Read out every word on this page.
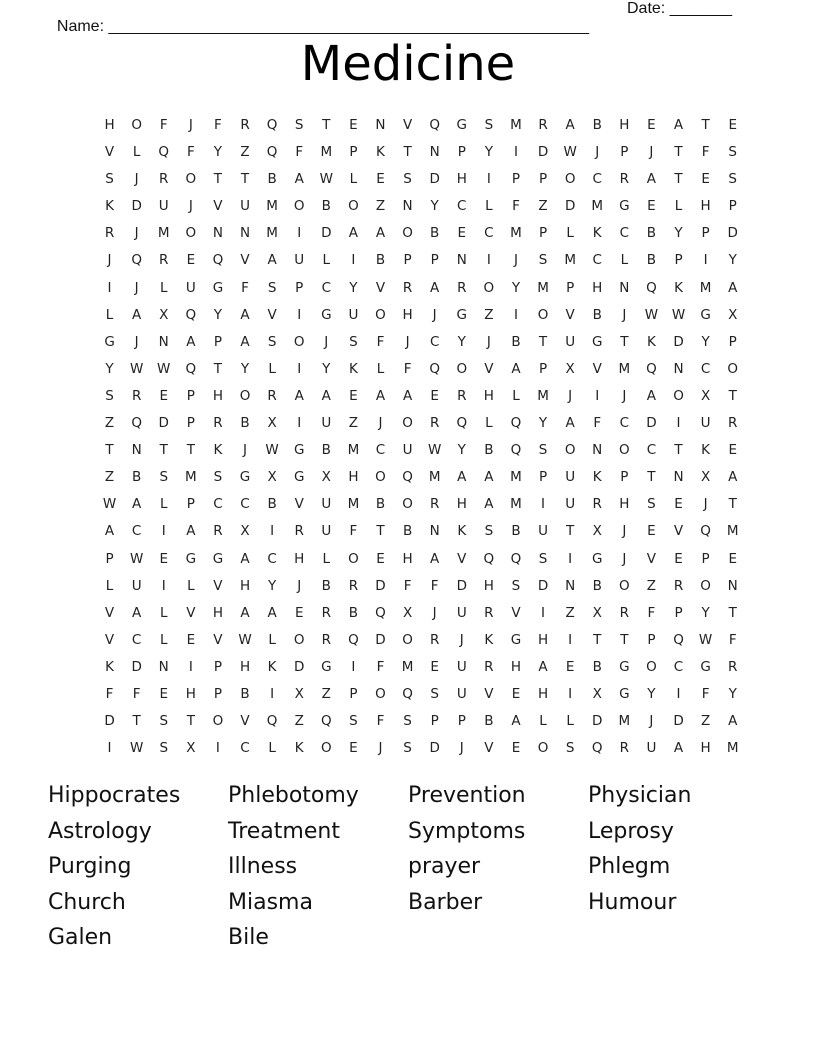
Name: ______________________________________________________

Date: _______

Medicine
H	O	F	J	F	R	Q	S	T	E	N	V	Q	G	S	M	R	A	B	H	E	A	T	E
V	L	Q	F	Y	Z	Q	F	M	P	K	T	N	P	Y	I	D	W	J	P	J	T	F	S
S	J	R	O	T	T	B	A	W	L	E	S	D	H	I	P	P	O	C	R	A	T	E	S
K	D	U	J	V	U	M	O	B	O	Z	N	Y	C	L	F	Z	D	M	G	E	L	H	P
R	J	M	O	N	N	M	I	D	A	A	O	B	E	C	M	P	L	K	C	B	Y	P	D
J	Q	R	E	Q	V	A	U	L	I	B	P	P	N	I	J	S	M	C	L	B	P	I	Y
I	J	L	U	G	F	S	P	C	Y	V	R	A	R	O	Y	M	P	H	N	Q	K	M	A
L	A	X	Q	Y	A	V	I	G	U	O	H	J	G	Z	I	O	V	B	J	W	W	G	X
G	J	N	A	P	A	S	O	J	S	F	J	C	Y	J	B	T	U	G	T	K	D	Y	P
Y	W	W	Q	T	Y	L	I	Y	K	L	F	Q	O	V	A	P	X	V	M	Q	N	C	O
S	R	E	P	H	O	R	A	A	E	A	A	E	R	H	L	M	J	I	J	A	O	X	T
Z	Q	D	P	R	B	X	I	U	Z	J	O	R	Q	L	Q	Y	A	F	C	D	I	U	R
T	N	T	T	K	J	W	G	B	M	C	U	W	Y	B	Q	S	O	N	O	C	T	K	E
Z	B	S	M	S	G	X	G	X	H	O	Q	M	A	A	M	P	U	K	P	T	N	X	A
W	A	L	P	C	C	B	V	U	M	B	O	R	H	A	M	I	U	R	H	S	E	J	T
A	C	I	A	R	X	I	R	U	F	T	B	N	K	S	B	U	T	X	J	E	V	Q	M
P	W	E	G	G	A	C	H	L	O	E	H	A	V	Q	Q	S	I	G	J	V	E	P	E
L	U	I	L	V	H	Y	J	B	R	D	F	F	D	H	S	D	N	B	O	Z	R	O	N
V	A	L	V	H	A	A	E	R	B	Q	X	J	U	R	V	I	Z	X	R	F	P	Y	T
V	C	L	E	V	W	L	O	R	Q	D	O	R	J	K	G	H	I	T	T	P	Q	W	F
K	D	N	I	P	H	K	D	G	I	F	M	E	U	R	H	A	E	B	G	O	C	G	R
F	F	E	H	P	B	I	X	Z	P	O	Q	S	U	V	E	H	I	X	G	Y	I	F	Y
D	T	S	T	O	V	Q	Z	Q	S	F	S	P	P	B	A	L	L	D	M	J	D	Z	A
I	W	S	X	I	C	L	K	O	E	J	S	D	J	V	E	O	S	Q	R	U	A	H	M
Hippocrates	Phlebotomy	Prevention	Physician
Astrology	Treatment	Symptoms	Leprosy
Purging	Illness	prayer	Phlegm
Church	Miasma	Barber	Humour
Galen	Bile
